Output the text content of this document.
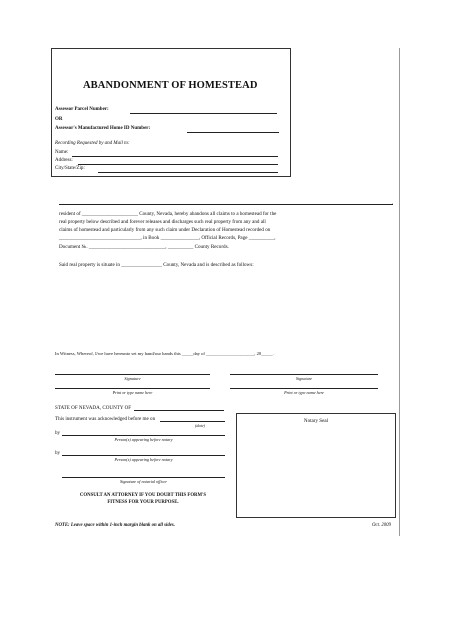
ABANDONMENT OF HOMESTEAD
Assessor Parcel Number:
OR
Assessor's Manufactured Home ID Number:
Recording Requested by and Mail to:
Name:
Address:
City/State/Zip:
,
resident of ______________________ County, Nevada, hereby abandons all claims to a homestead for the
real property below described and forever releases and discharges such real property from any and all
claims of homestead and particularly from any such claim under Declaration of Homestead recorded on
________________________________, in Book _______________, Official Records, Page __________,
Document №. ______________________________, __________ County Records.
Said real property is situate in ________________ County, Nevada and is described as follows:
In Witness, Whereof, I/we have hereunto set my hand/our hands this _____day of _____________________, 20_____.
Signature	Signature
Print or type name here	Print or type name here
STATE OF NEVADA, COUNTY OF
This instrument was acknowledged before me on
(date)
by
Person(s) appearing before notary
by
Person(s) appearing before notary
Signature of notarial officer
Notary Seal
CONSULT AN ATTORNEY IF YOU DOUBT THIS FORM'S
FITNESS FOR YOUR PURPOSE.
NOTE: Leave space within 1-inch margin blank on all sides.	Oct. 2009
